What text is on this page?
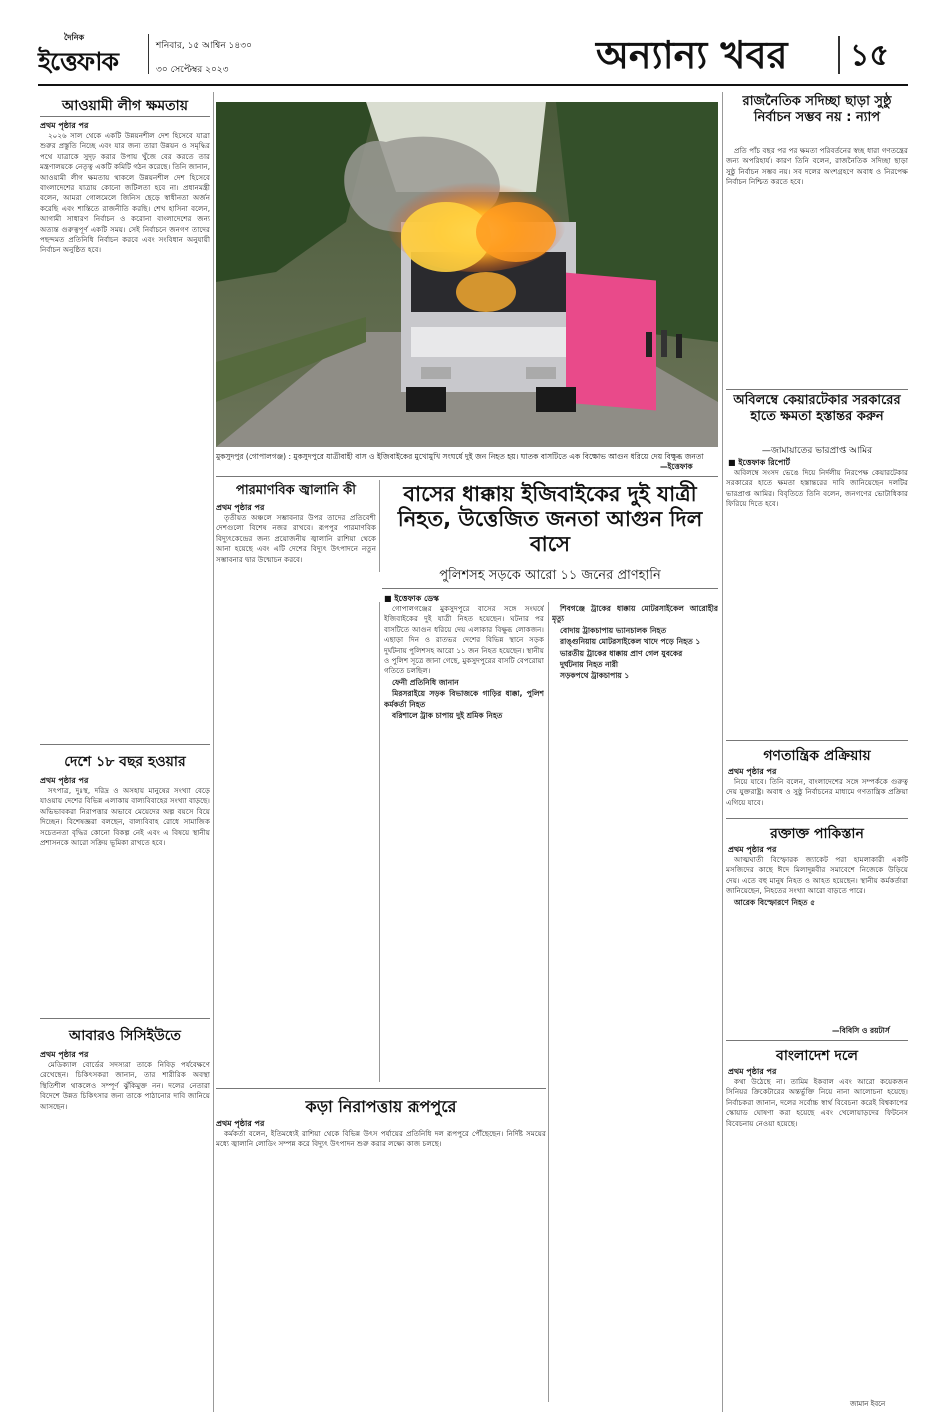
দৈনিক
ইত্তেফাক
শনিবার, ১৫ আশ্বিন ১৪৩০
৩০ সেপ্টেম্বর ২০২৩	অন্যান্য খবর ১৫
আওয়ামী লীগ ক্ষমতায়
প্রথম পৃষ্ঠার পর

২০২৬ সাল থেকে একটি উন্নয়নশীল দেশ হিসেবে যাত্রা শুরুর প্রস্তুতি নিচ্ছে এবং যার জন্য তারা উন্নয়ন ও সমৃদ্ধির পথে যাত্রাকে সুদৃঢ় করার উপায় খুঁজে বের করতে তার মন্ত্রণালয়কে নেতৃত্ব একটি কমিটি গঠন করেছে। তিনি জানান, আওয়ামী লীগ ক্ষমতায় থাকলে উন্নয়নশীল দেশ হিসেবে বাংলাদেশের যাত্রায় কোনো জটিলতা হবে না। প্রধানমন্ত্রী বলেন, আমরা গোলমেলে জিনিস ছেড়ে স্বাধীনতা অর্জন করেছি এবং শান্তিতে রাজনীতি করছি। শেখ হাসিনা বলেন, আগামী সাধারণ নির্বাচন ও করোনা বাংলাদেশের জন্য অত্যন্ত গুরুত্বপূর্ণ একটি সময়। সেই নির্বাচনে জনগণ তাদের পছন্দমত প্রতিনিধি নির্বাচন করবে এবং সংবিধান অনুযায়ী নির্বাচন অনুষ্ঠিত হবে।

দেশে ১৮ বছর হওয়ার
প্রথম পৃষ্ঠার পর

সৎপাত্র, দুঃস্থ, দরিদ্র ও অসহায় মানুষের সংখ্যা বেড়ে যাওয়ায় দেশের বিভিন্ন এলাকায় বাল্যবিবাহের সংখ্যা বাড়ছে। অভিভাবকরা নিরাপত্তার অভাবে মেয়েদের অল্প বয়সে বিয়ে দিচ্ছেন। বিশেষজ্ঞরা বলছেন, বাল্যবিবাহ রোধে সামাজিক সচেতনতা বৃদ্ধির কোনো বিকল্প নেই এবং এ বিষয়ে স্থানীয় প্রশাসনকে আরো সক্রিয় ভূমিকা রাখতে হবে।

আবারও সিসিইউতে
প্রথম পৃষ্ঠার পর

মেডিক্যাল বোর্ডের সদস্যরা তাকে নিবিড় পর্যবেক্ষণে রেখেছেন। চিকিৎসকরা জানান, তার শারীরিক অবস্থা স্থিতিশীল থাকলেও সম্পূর্ণ ঝুঁকিমুক্ত নন। দলের নেতারা বিদেশে উন্নত চিকিৎসার জন্য তাকে পাঠানোর দাবি জানিয়ে আসছেন।

মুকসুদপুর (গোপালগঞ্জ) : মুকসুদপুরে যাত্রীবাহী বাস ও ইজিবাইকের মুখোমুখি সংঘর্ষে দুই জন নিহত হয়। ঘাতক বাসটিতে এক বিক্ষোভ আগুন ধরিয়ে দেয় বিক্ষুব্ধ জনতা
—ইত্তেফাক
পারমাণবিক জ্বালানি কী
প্রথম পৃষ্ঠার পর

তৃতীয়ত অঞ্চলে সম্ভাবনার উপর তাদের প্রতিবেশী দেশগুলো বিশেষ নজর রাখবে। রূপপুর পারমাণবিক বিদ্যুৎকেন্দ্রের জন্য প্রয়োজনীয় জ্বালানি রাশিয়া থেকে আনা হয়েছে এবং এটি দেশের বিদ্যুৎ উৎপাদনে নতুন সম্ভাবনার দ্বার উন্মোচন করবে।

বাসের ধাক্কায় ইজিবাইকের দুই যাত্রী নিহত, উত্তেজিত জনতা আগুন দিল বাসে
পুলিশসহ সড়কে আরো ১১ জনের প্রাণহানি
■ ইত্তেফাক ডেস্ক

গোপালগঞ্জের মুকসুদপুরে বাসের সঙ্গে সংঘর্ষে ইজিবাইকের দুই যাত্রী নিহত হয়েছেন। ঘটনার পর বাসটিতে আগুন ধরিয়ে দেয় এলাকার বিক্ষুব্ধ লোকজন। এছাড়া দিন ও রাতভর দেশের বিভিন্ন স্থানে সড়ক দুর্ঘটনায় পুলিশসহ আরো ১১ জন নিহত হয়েছেন। স্থানীয় ও পুলিশ সূত্রে জানা গেছে, মুকসুদপুরের বাসটি বেপরোয়া গতিতে চলছিল।

ফেনী প্রতিনিধি জানান

মিরসরাইয়ে সড়ক বিভাজকে গাড়ির ধাক্কা, পুলিশ কর্মকর্তা নিহত

বরিশালে ট্রাক চাপায় দুই শ্রমিক নিহত

শিবগঞ্জে ট্রাকের ধাক্কায় মোটরসাইকেল আরোহীর মৃত্যু

বোদায় ট্রাকচাপায় ভ্যানচালক নিহত

রাঙ্গুনিয়ায় মোটরসাইকেল খাদে পড়ে নিহত ১

ভারতীয় ট্রাকের ধাক্কায় প্রাণ গেল যুবকের

দুর্ঘটনায় নিহত নারী

সড়কপথে ট্রাকচাপায় ১

কড়া নিরাপত্তায় রূপপুরে
প্রথম পৃষ্ঠার পর

কর্মকর্তা বলেন, ইতিমধ্যেই রাশিয়া থেকে বিভিন্ন উৎস পর্যায়ের প্রতিনিধি দল রূপপুরে পৌঁছেছেন। নির্দিষ্ট সময়ের মধ্যে জ্বালানি লোডিং সম্পন্ন করে বিদ্যুৎ উৎপাদন শুরু করার লক্ষ্যে কাজ চলছে।

রাজনৈতিক সদিচ্ছা ছাড়া সুষ্ঠু নির্বাচন সম্ভব নয় : ন্যাপ

প্রতি পাঁচ বছর পর পর ক্ষমতা পরিবর্তনের স্বচ্ছ ধারা গণতন্ত্রের জন্য অপরিহার্য। কারণ তিনি বলেন, রাজনৈতিক সদিচ্ছা ছাড়া সুষ্ঠু নির্বাচন সম্ভব নয়। সব দলের অংশগ্রহণে অবাধ ও নিরপেক্ষ নির্বাচন নিশ্চিত করতে হবে।

অবিলম্বে কেয়ারটেকার সরকারের হাতে ক্ষমতা হস্তান্তর করুন
—জামায়াতের ভারপ্রাপ্ত আমির
■ ইত্তেফাক রিপোর্ট

অবিলম্বে সংসদ ভেঙে দিয়ে নির্দলীয় নিরপেক্ষ কেয়ারটেকার সরকারের হাতে ক্ষমতা হস্তান্তরের দাবি জানিয়েছেন দলটির ভারপ্রাপ্ত আমির। বিবৃতিতে তিনি বলেন, জনগণের ভোটাধিকার ফিরিয়ে দিতে হবে।

গণতান্ত্রিক প্রক্রিয়ায়
প্রথম পৃষ্ঠার পর

নিয়ে যাবে। তিনি বলেন, বাংলাদেশের সঙ্গে সম্পর্ককে গুরুত্ব দেয় যুক্তরাষ্ট্র। অবাধ ও সুষ্ঠু নির্বাচনের মাধ্যমে গণতান্ত্রিক প্রক্রিয়া এগিয়ে যাবে।

রক্তাক্ত পাকিস্তান
প্রথম পৃষ্ঠার পর

আত্মঘাতী বিস্ফোরক জ্যাকেট পরা হামলাকারী একটি মসজিদের কাছে ঈদে মিলাদুন্নবীর সমাবেশে নিজেকে উড়িয়ে দেয়। এতে বহু মানুষ নিহত ও আহত হয়েছেন। স্থানীয় কর্মকর্তারা জানিয়েছেন, নিহতের সংখ্যা আরো বাড়তে পারে।

আরেক বিস্ফোরণে নিহত ৫

—বিবিসি ও রয়টার্স
বাংলাদেশ দলে
প্রথম পৃষ্ঠার পর

কথা উঠেছে না। তামিম ইকবাল এবং আরো কয়েকজন সিনিয়র ক্রিকেটারের অন্তর্ভুক্তি নিয়ে নানা আলোচনা হয়েছে। নির্বাচকরা জানান, দলের সর্বোচ্চ স্বার্থ বিবেচনা করেই বিশ্বকাপের স্কোয়াড ঘোষণা করা হয়েছে এবং খেলোয়াড়দের ফিটনেস বিবেচনায় নেওয়া হয়েছে।

জামান ইবনে
